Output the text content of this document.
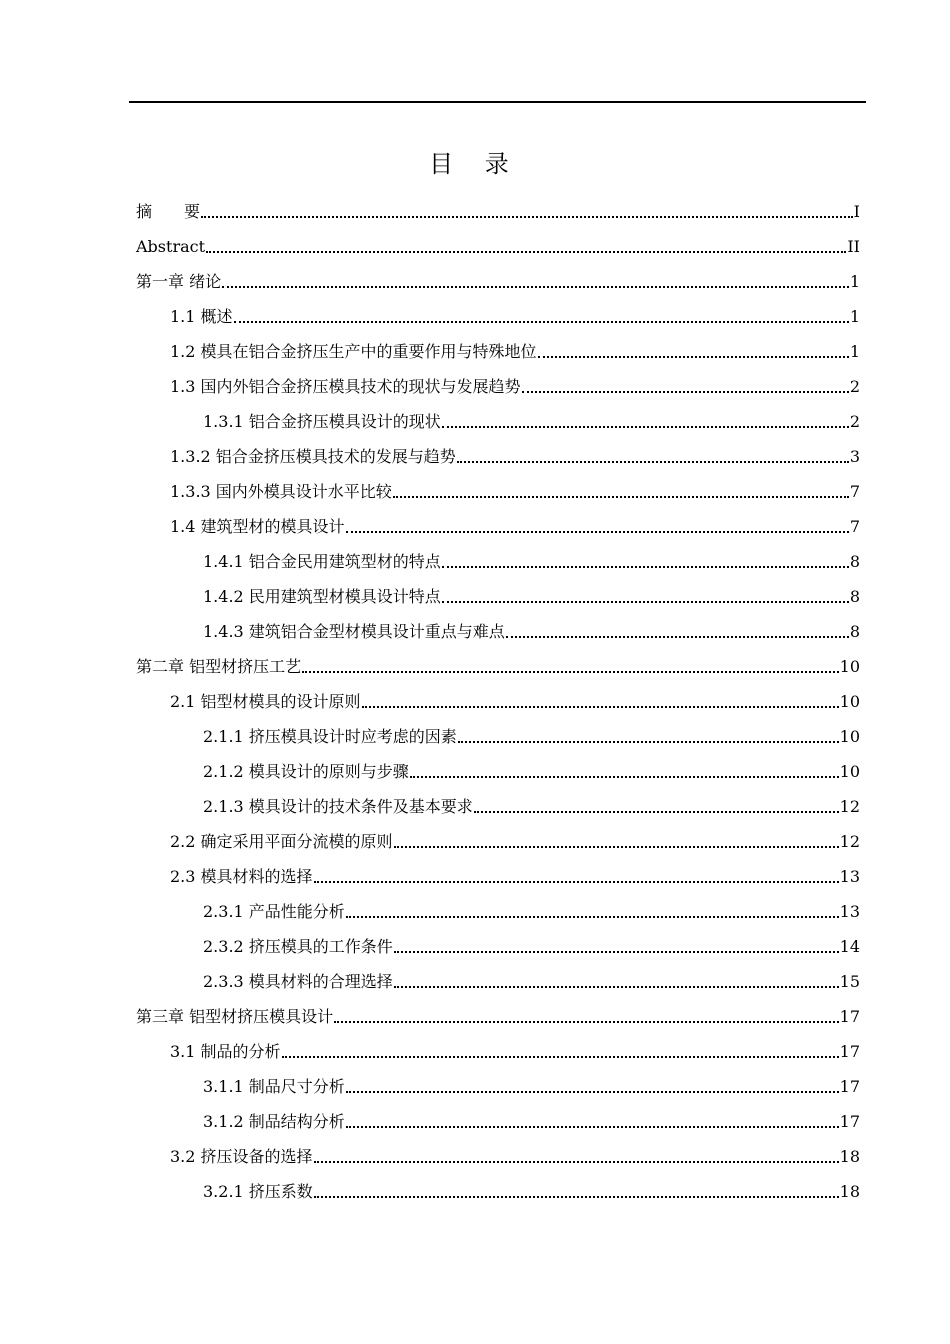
目 录
摘　　要	I
Abstract	II
第一章 绪论	1
1.1 概述	1
1.2 模具在铝合金挤压生产中的重要作用与特殊地位	1
1.3 国内外铝合金挤压模具技术的现状与发展趋势	2
1.3.1 铝合金挤压模具设计的现状	2
1.3.2 铝合金挤压模具技术的发展与趋势	3
1.3.3 国内外模具设计水平比较	7
1.4 建筑型材的模具设计	7
1.4.1 铝合金民用建筑型材的特点	8
1.4.2 民用建筑型材模具设计特点	8
1.4.3 建筑铝合金型材模具设计重点与难点	8
第二章 铝型材挤压工艺	10
2.1 铝型材模具的设计原则	10
2.1.1 挤压模具设计时应考虑的因素	10
2.1.2 模具设计的原则与步骤	10
2.1.3 模具设计的技术条件及基本要求	12
2.2 确定采用平面分流模的原则	12
2.3 模具材料的选择	13
2.3.1 产品性能分析	13
2.3.2 挤压模具的工作条件	14
2.3.3 模具材料的合理选择	15
第三章 铝型材挤压模具设计	17
3.1 制品的分析	17
3.1.1 制品尺寸分析	17
3.1.2 制品结构分析	17
3.2 挤压设备的选择	18
3.2.1 挤压系数	18
